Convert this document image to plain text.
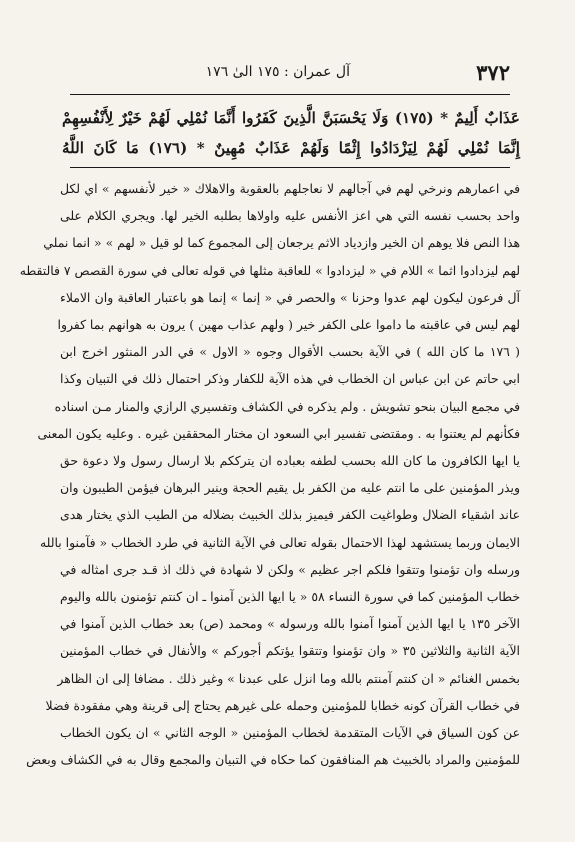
٣٧٢
آل عمران : ١٧٥ الىٰ ١٧٦
عَذَابٌ أَلِيمٌ * (١٧٥) وَلَا يَحْسَبَنَّ الَّذِينَ كَفَرُوا أَنَّمَا نُمْلِي لَهُمْ خَيْرٌ لِأَنْفُسِهِمْ
إِنَّمَا نُمْلِي لَهُمْ لِيَزْدَادُوا إِثْمًا وَلَهُمْ عَذَابٌ مُهِينٌ * (١٧٦) مَا كَانَ اللَّهُ
في اعمارهم ونرخي لهم في آجالهم لا نعاجلهم بالعقوبة والاهلاك « خير لأنفسهم » اي لكل
واحد بحسب نفسه التي هي اعز الأنفس عليه واولاها بطلبه الخير لها. ويجري الكلام على
هذا النص فلا يوهم ان الخير وازدياد الاثم يرجعان إلى المجموع كما لو قيل « لهم » « انما نملي
لهم ليزدادوا اثما » اللام في « ليزدادوا » للعاقبة مثلها في قوله تعالى في سورة القصص ٧ فالتقطه
آل فرعون ليكون لهم عدوا وحزنا » والحصر في « إنما » إنما هو باعتبار العاقبة وان الاملاء
لهم ليس في عاقبته ما داموا على الكفر خير ( ولهم عذاب مهين ) يرون به هوانهم بما كفروا
( ١٧٦ ما كان الله ) في الآية بحسب الأقوال وجوه « الاول » في الدر المنثور اخرج ابن
ابي حاتم عن ابن عباس ان الخطاب في هذه الآية للكفار وذكر احتمال ذلك في التبيان وكذا
في مجمع البيان بنحو تشويش . ولم يذكره في الكشاف وتفسيري الرازي والمنار مـن اسناده
فكأنهم لم يعتنوا به . ومقتضى تفسير ابي السعود ان مختار المحققين غيره . وعليه يكون المعنى
يا ايها الكافرون ما كان الله بحسب لطفه بعباده ان يترككم بلا ارسال رسول ولا دعوة حق
ويذر المؤمنين على ما انتم عليه من الكفر بل يقيم الحجة وينير البرهان فيؤمن الطيبون وان
عاند اشقياء الضلال وطواغيت الكفر فيميز بذلك الخبيث بضلاله من الطيب الذي يختار هدى
الايمان وربما يستشهد لهذا الاحتمال بقوله تعالى في الآية الثانية في طرد الخطاب « فآمنوا بالله
ورسله وان تؤمنوا وتتقوا فلكم اجر عظيم » ولكن لا شهادة في ذلك اذ قـد جرى امثاله في
خطاب المؤمنين كما في سورة النساء ٥٨ « يا ايها الذين آمنوا ـ ان كنتم تؤمنون بالله واليوم
الآخر ١٣٥ يا ايها الذين آمنوا آمنوا بالله ورسوله » ومحمد (ص) بعد خطاب الذين آمنوا في
الآية الثانية والثلاثين ٣٥ « وان تؤمنوا وتتقوا يؤتكم أجوركم » والأنفال في خطاب المؤمنين
بخمس الغنائم « ان كنتم آمنتم بالله وما انزل على عبدنا » وغير ذلك . مضافا إلى ان الظاهر
في خطاب القرآن كونه خطابا للمؤمنين وحمله على غيرهم يحتاج إلى قرينة وهي مفقودة فضلا
عن كون السياق في الآيات المتقدمة لخطاب المؤمنين « الوجه الثاني » ان يكون الخطاب
للمؤمنين والمراد بالخبيث هم المنافقون كما حكاه في التبيان والمجمع وقال به في الكشاف وبعض
